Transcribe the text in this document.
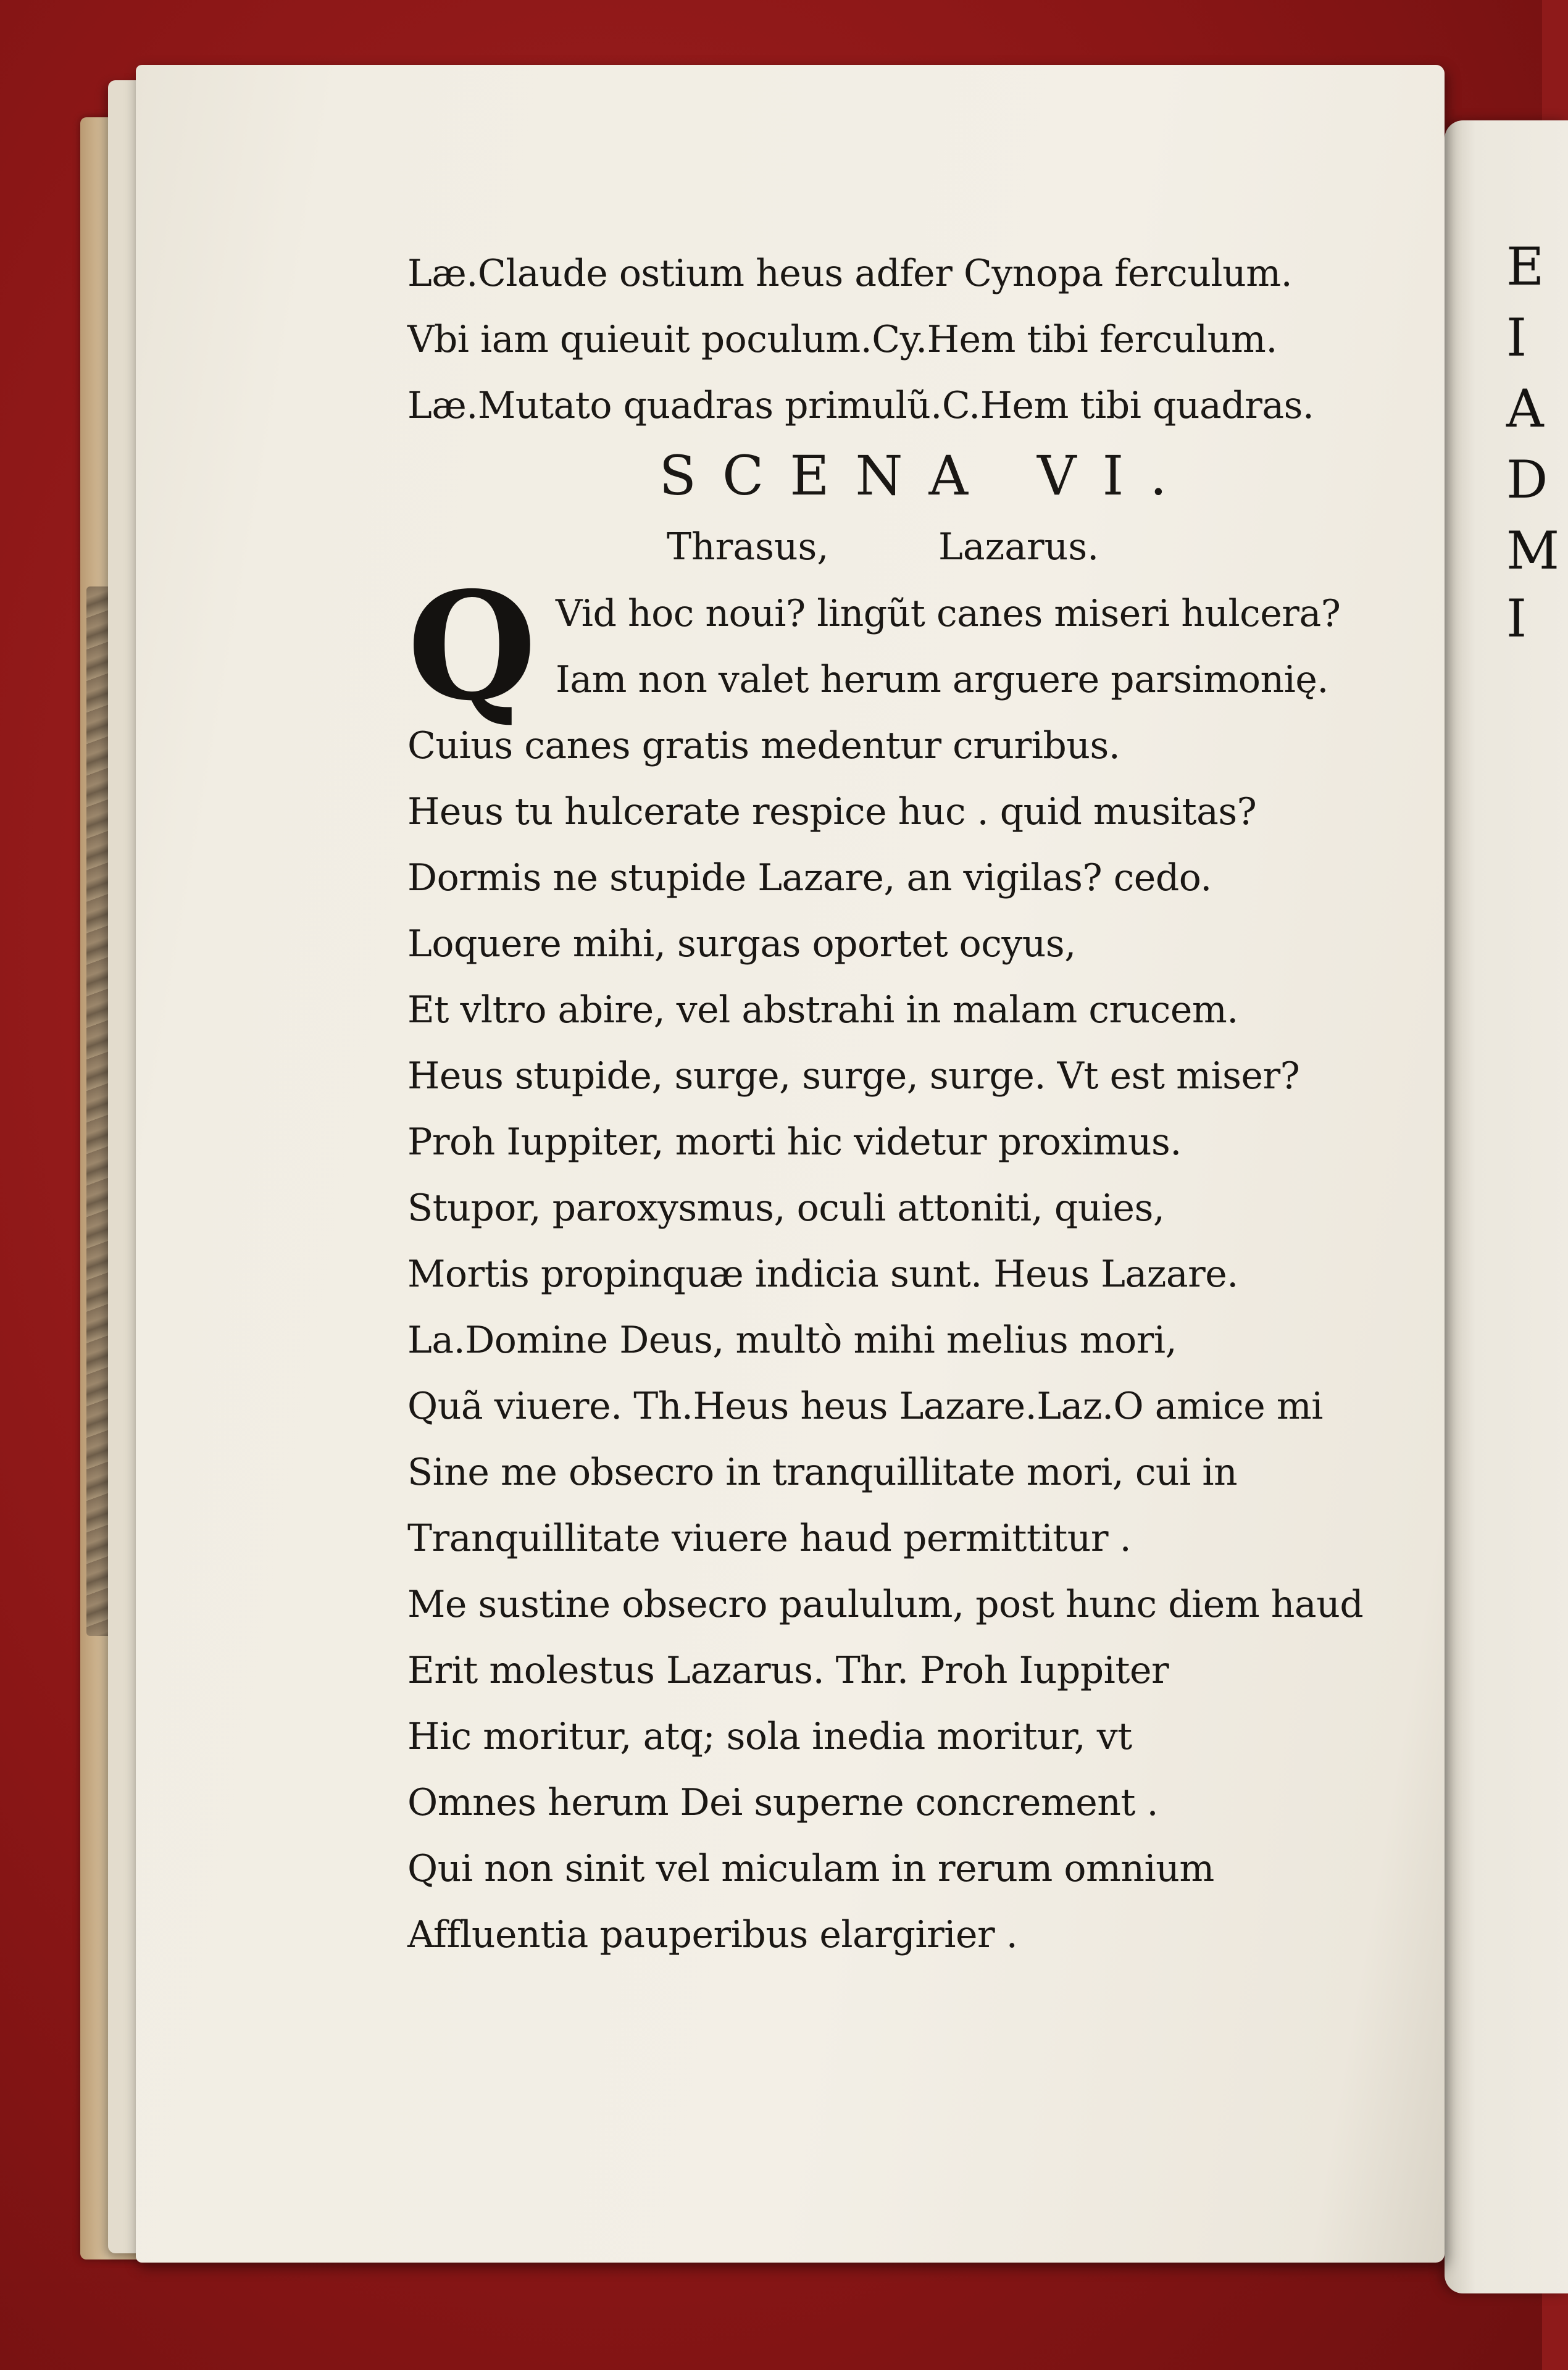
E
I
A
D
M
I
Læ.Claude ostium heus adfer Cynopa ferculum.
Vbi iam quieuit poculum.Cy.Hem tibi ferculum.
Læ.Mutato quadras primulũ.C.Hem tibi quadras.
SCENA VI.
Thrasus,	Lazarus.
Q Vid hoc noui? lingũt canes miseri hulcera?
Iam non valet herum arguere parsimonię.
Cuius canes gratis medentur cruribus.
Heus tu hulcerate respice huc . quid musitas?
Dormis ne stupide Lazare, an vigilas? cedo.
Loquere mihi, surgas oportet ocyus,
Et vltro abire, vel abstrahi in malam crucem.
Heus stupide, surge, surge, surge. Vt est miser?
Proh Iuppiter, morti hic videtur proximus.
Stupor, paroxysmus, oculi attoniti, quies,
Mortis propinquæ indicia sunt. Heus Lazare.
La.Domine Deus, multò mihi melius mori,
Quã viuere. Th.Heus heus Lazare.Laz.O amice mi
Sine me obsecro in tranquillitate mori, cui in
Tranquillitate viuere haud permittitur .
Me sustine obsecro paululum, post hunc diem haud
Erit molestus Lazarus. Thr. Proh Iuppiter
Hic moritur, atq; sola inedia moritur, vt
Omnes herum Dei superne concrement .
Qui non sinit vel miculam in rerum omnium
Affluentia pauperibus elargirier .
